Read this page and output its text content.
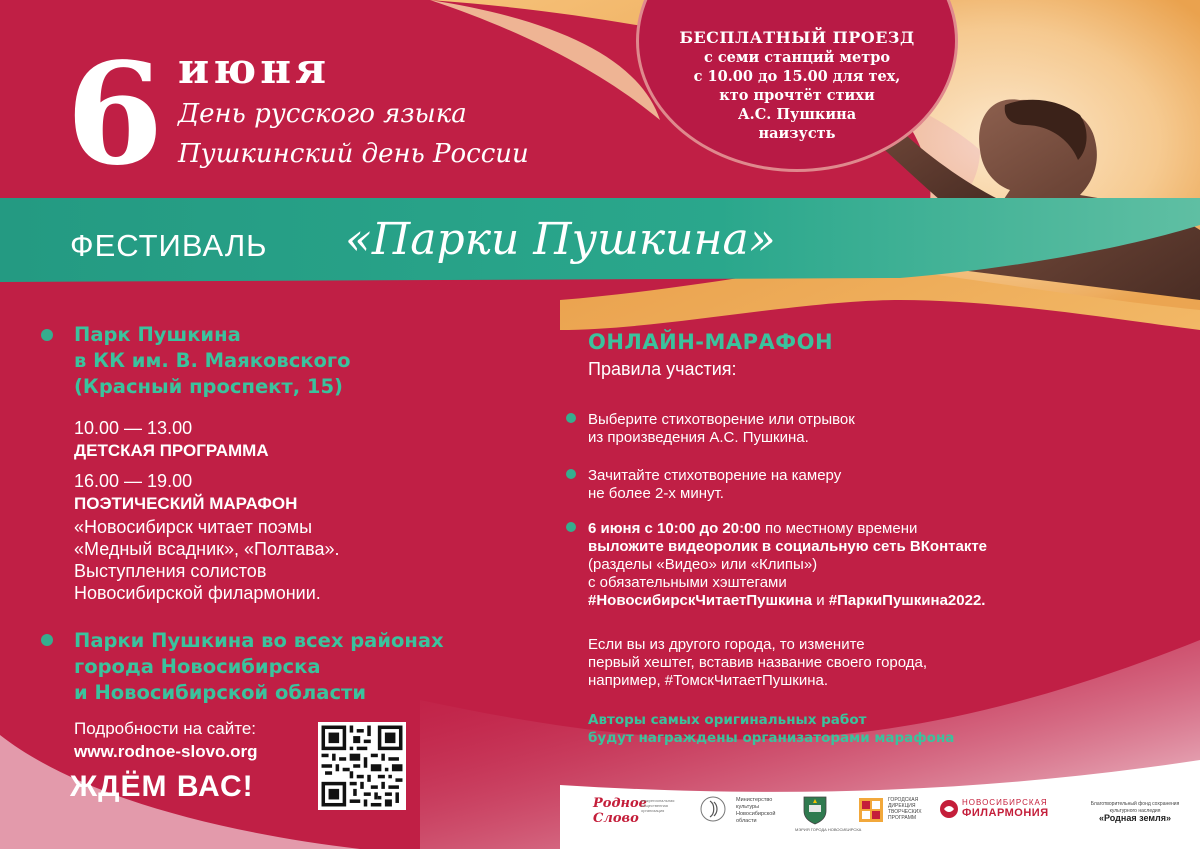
БЕСПЛАТНЫЙ ПРОЕЗД
с семи станций метро
с 10.00 до 15.00 для тех,
кто прочтёт стихи
А.С. Пушкина
наизусть
6 июня
День русского языка
Пушкинский день России
ФЕСТИВАЛЬ «Парки Пушкина»
Парк Пушкина
в КК им. В. Маяковского
(Красный проспект, 15)
10.00 — 13.00
ДЕТСКАЯ ПРОГРАММА
16.00 — 19.00
ПОЭТИЧЕСКИЙ МАРАФОН
«Новосибирск читает поэмы
«Медный всадник», «Полтава».
Выступления солистов
Новосибирской филармонии.
Парки Пушкина во всех районах
города Новосибирска
и Новосибирской области
Подробности на сайте:
www.rodnoe-slovo.org
ЖДЁМ ВАС!
ОНЛАЙН-МАРАФОН
Правила участия:
Выберите стихотворение или отрывок
из произведения А.С. Пушкина.
Зачитайте стихотворение на камеру
не более 2-х минут.
6 июня с 10:00 до 20:00 по местному времени
выложите видеоролик в социальную сеть ВКонтакте
(разделы «Видео» или «Клипы»)
с обязательными хэштегами
#НовосибирскЧитаетПушкина и #ПаркиПушкина2022.
Если вы из другого города, то измените
первый хештег, вставив название своего города,
например, #ТомскЧитаетПушкина.
Авторы самых оригинальных работ
будут награждены организаторами марафона
Родное Слово
межрегиональная общественная организация
Министерство
культуры
Новосибирской
области
МЭРИЯ ГОРОДА НОВОСИБИРСКА
ГОРОДСКАЯ
ДИРЕКЦИЯ
ТВОРЧЕСКИХ
ПРОГРАММ
НОВОСИБИРСКАЯ
ФИЛАРМОНИЯ
Благотворительный фонд сохранения культурного наследия
«Родная земля»
